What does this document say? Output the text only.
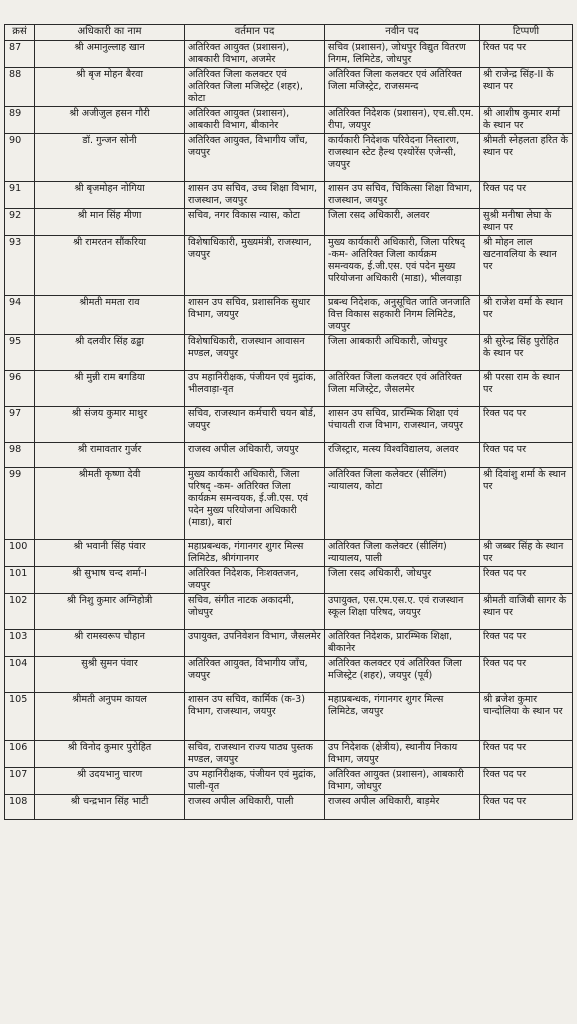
क्रसं	अधिकारी का नाम	वर्तमान पद	नवीन पद	टिप्पणी
87	श्री अमानुल्लाह खान	अतिरिक्त आयुक्त (प्रशासन), आबकारी विभाग, अजमेर	सचिव (प्रशासन), जोधपुर विद्युत वितरण निगम, लिमिटेड, जोधपुर	रिक्त पद पर
88	श्री बृज मोहन बैरवा	अतिरिक्त जिला कलक्टर एवं अतिरिक्त जिला मजिस्ट्रेट (शहर), कोटा	अतिरिक्त जिला कलक्टर एवं अतिरिक्त जिला मजिस्ट्रेट, राजसमन्द	श्री राजेन्द्र सिंह-II के स्थान पर
89	श्री अजीजुल हसन गौरी	अतिरिक्त आयुक्त (प्रशासन), आबकारी विभाग, बीकानेर	अतिरिक्त निदेशक (प्रशासन), एच.सी.एम. रीपा, जयपुर	श्री आशीष कुमार शर्मा के स्थान पर
90	डॉ. गुन्जन सोनी	अतिरिक्त आयुक्त, विभागीय जाँच, जयपुर	कार्यकारी निदेशक परिवेदना निस्तारण, राजस्थान स्टेट हैल्थ एश्योरेंस एजेन्सी, जयपुर	श्रीमती स्नेहलता हरित के स्थान पर
91	श्री बृजमोहन नोगिया	शासन उप सचिव, उच्च शिक्षा विभाग, राजस्थान, जयपुर	शासन उप सचिव, चिकित्सा शिक्षा विभाग, राजस्थान, जयपुर	रिक्त पद पर
92	श्री मान सिंह मीणा	सचिव, नगर विकास न्यास, कोटा	जिला रसद अधिकारी, अलवर	सुश्री मनीषा लेघा के स्थान पर
93	श्री रामरतन सौंकरिया	विशेषाधिकारी, मुख्यमंत्री, राजस्थान, जयपुर	मुख्य कार्यकारी अधिकारी, जिला परिषद् -कम- अतिरिक्त जिला कार्यक्रम समन्वयक, ई.जी.एस. एवं पदेन मुख्य परियोजना अधिकारी (माडा), भीलवाड़ा	श्री मोहन लाल खटनावलिया के स्थान पर
94	श्रीमती ममता राव	शासन उप सचिव, प्रशासनिक सुधार विभाग, जयपुर	प्रबन्ध निदेशक, अनुसूचित जाति जनजाति वित्त विकास सहकारी निगम लिमिटेड, जयपुर	श्री राजेश वर्मा के स्थान पर
95	श्री दलवीर सिंह ढढ्ढा	विशेषाधिकारी, राजस्थान आवासन मण्डल, जयपुर	जिला आबकारी अधिकारी, जोधपुर	श्री सुरेन्द्र सिंह पुरोहित के स्थान पर
96	श्री मुन्नी राम बगडिया	उप महानिरीक्षक, पंजीयन एवं मुद्रांक, भीलवाड़ा-वृत	अतिरिक्त जिला कलक्टर एवं अतिरिक्त जिला मजिस्ट्रेट, जैसलमेर	श्री परसा राम के स्थान पर
97	श्री संजय कुमार माथुर	सचिव, राजस्थान कर्मचारी चयन बोर्ड, जयपुर	शासन उप सचिव, प्रारम्भिक शिक्षा एवं पंचायती राज विभाग, राजस्थान, जयपुर	रिक्त पद पर
98	श्री रामावतार गुर्जर	राजस्व अपील अधिकारी, जयपुर	रजिस्ट्रार, मत्स्य विश्वविद्यालय, अलवर	रिक्त पद पर
99	श्रीमती कृष्णा देवी	मुख्य कार्यकारी अधिकारी, जिला परिषद् -कम- अतिरिक्त जिला कार्यक्रम समन्वयक, ई.जी.एस. एवं पदेन मुख्य परियोजना अधिकारी (माडा), बारां	अतिरिक्त जिला कलेक्टर (सीलिंग) न्यायालय, कोटा	श्री दिवांशु शर्मा के स्थान पर
100	श्री भवानी सिंह पंवार	महाप्रबन्धक, गंगानगर शुगर मिल्स लिमिटेड, श्रीगंगानगर	अतिरिक्त जिला कलेक्टर (सीलिंग) न्यायालय, पाली	श्री जब्बर सिंह के स्थान पर
101	श्री सुभाष चन्द शर्मा-I	अतिरिक्त निदेशक, निःशक्तजन, जयपुर	जिला रसद अधिकारी, जोधपुर	रिक्त पद पर
102	श्री निशु कुमार अग्निहोत्री	सचिव, संगीत नाटक अकादमी, जोधपुर	उपायुक्त, एस.एम.एस.ए. एवं राजस्थान स्कूल शिक्षा परिषद, जयपुर	श्रीमती वाजिबी सागर के स्थान पर
103	श्री रामस्वरूप चौहान	उपायुक्त, उपनिवेशन विभाग, जैसलमेर	अतिरिक्त निदेशक, प्रारम्भिक शिक्षा, बीकानेर	रिक्त पद पर
104	सुश्री सुमन पंवार	अतिरिक्त आयुक्त, विभागीय जाँच, जयपुर	अतिरिक्त कलक्टर एवं अतिरिक्त जिला मजिस्ट्रेट (शहर), जयपुर (पूर्व)	रिक्त पद पर
105	श्रीमती अनुपम कायल	शासन उप सचिव, कार्मिक (क-3) विभाग, राजस्थान, जयपुर	महाप्रबन्धक, गंगानगर शुगर मिल्स लिमिटेड, जयपुर	श्री ब्रजेश कुमार चान्दोलिया के स्थान पर
106	श्री विनोद कुमार पुरोहित	सचिव, राजस्थान राज्य पाठ्य पुस्तक मण्डल, जयपुर	उप निदेशक (क्षेत्रीय), स्थानीय निकाय विभाग, जयपुर	रिक्त पद पर
107	श्री उदयभानु चारण	उप महानिरीक्षक, पंजीयन एवं मुद्रांक, पाली-वृत	अतिरिक्त आयुक्त (प्रशासन), आबकारी विभाग, जोधपुर	रिक्त पद पर
108	श्री चन्द्रभान सिंह भाटी	राजस्व अपील अधिकारी, पाली	राजस्व अपील अधिकारी, बाड़मेर	रिक्त पद पर
